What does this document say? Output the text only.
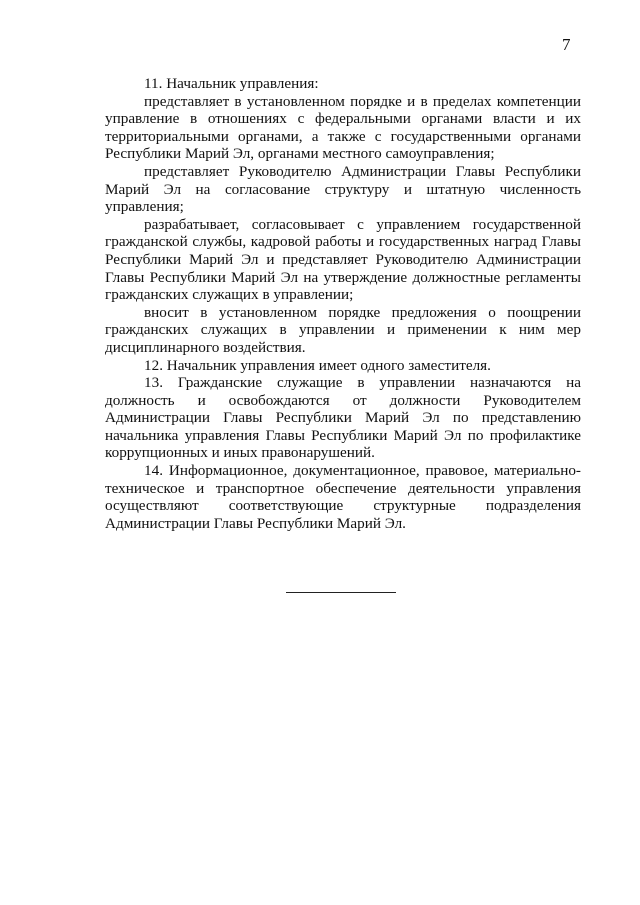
7

11. Начальник управления:

представляет в установленном порядке и в пределах компетенции управление в отношениях с федеральными органами власти и их территориальными органами, а также с государственными органами Республики Марий Эл, органами местного самоуправления;

представляет Руководителю Администрации Главы Республики Марий Эл на согласование структуру и штатную численность управления;

разрабатывает, согласовывает с управлением государственной гражданской службы, кадровой работы и государственных наград Главы Республики Марий Эл и представляет Руководителю Администрации Главы Республики Марий Эл на утверждение должностные регламенты гражданских служащих в управлении;

вносит в установленном порядке предложения о поощрении гражданских служащих в управлении и применении к ним мер дисциплинарного воздействия.

12. Начальник управления имеет одного заместителя.

13. Гражданские служащие в управлении назначаются на должность и освобождаются от должности Руководителем Администрации Главы Республики Марий Эл по представлению начальника управления Главы Республики Марий Эл по профилактике коррупционных и иных правонарушений.

14. Информационное, документационное, правовое, материально-техническое и транспортное обеспечение деятельности управления осуществляют соответствующие структурные подразделения Администрации Главы Республики Марий Эл.
